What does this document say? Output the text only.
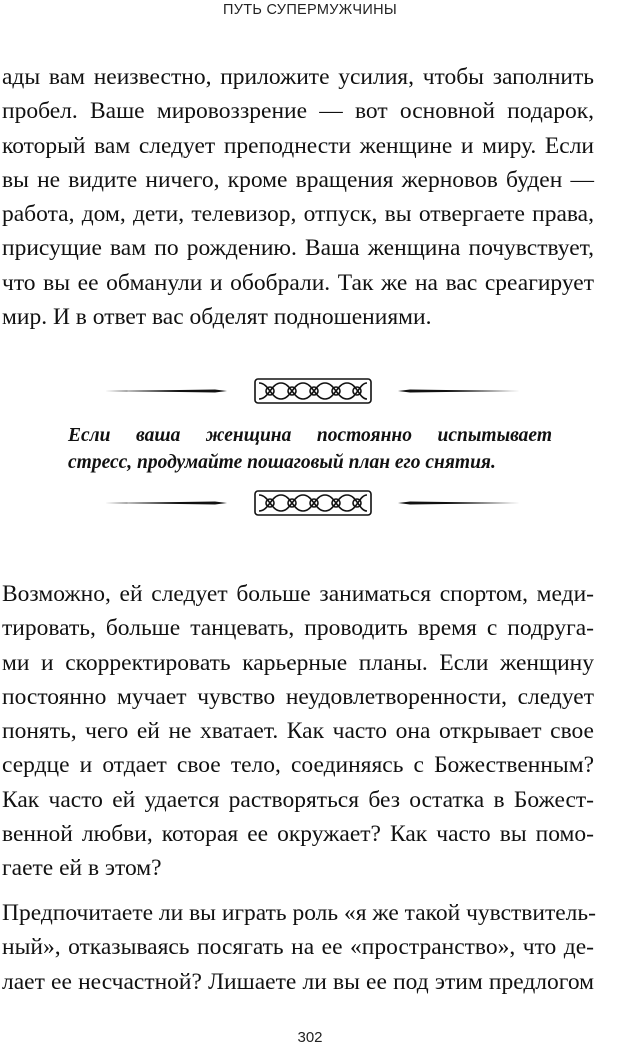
ПУТЬ СУПЕРМУЖЧИНЫ
ады вам неизвестно, приложите усилия, чтобы заполнить
пробел. Ваше мировоззрение — вот основной подарок,
который вам следует преподнести женщине и миру. Если
вы не видите ничего, кроме вращения жерновов буден —
работа, дом, дети, телевизор, отпуск, вы отвергаете права,
присущие вам по рождению. Ваша женщина почувствует,
что вы ее обманули и обобрали. Так же на вас среагирует
мир. И в ответ вас обделят подношениями.
Если ваша женщина постоянно испытывает
стресс, продумайте пошаговый план его снятия.
Возможно, ей следует больше заниматься спортом, меди-
тировать, больше танцевать, проводить время с подруга-
ми и скорректировать карьерные планы. Если женщину
постоянно мучает чувство неудовлетворенности, следует
понять, чего ей не хватает. Как часто она открывает свое
сердце и отдает свое тело, соединяясь с Божественным?
Как часто ей удается растворяться без остатка в Божест-
венной любви, которая ее окружает? Как часто вы помо-
гаете ей в этом?
Предпочитаете ли вы играть роль «я же такой чувствитель-
ный», отказываясь посягать на ее «пространство», что де-
лает ее несчастной? Лишаете ли вы ее под этим предлогом
302
